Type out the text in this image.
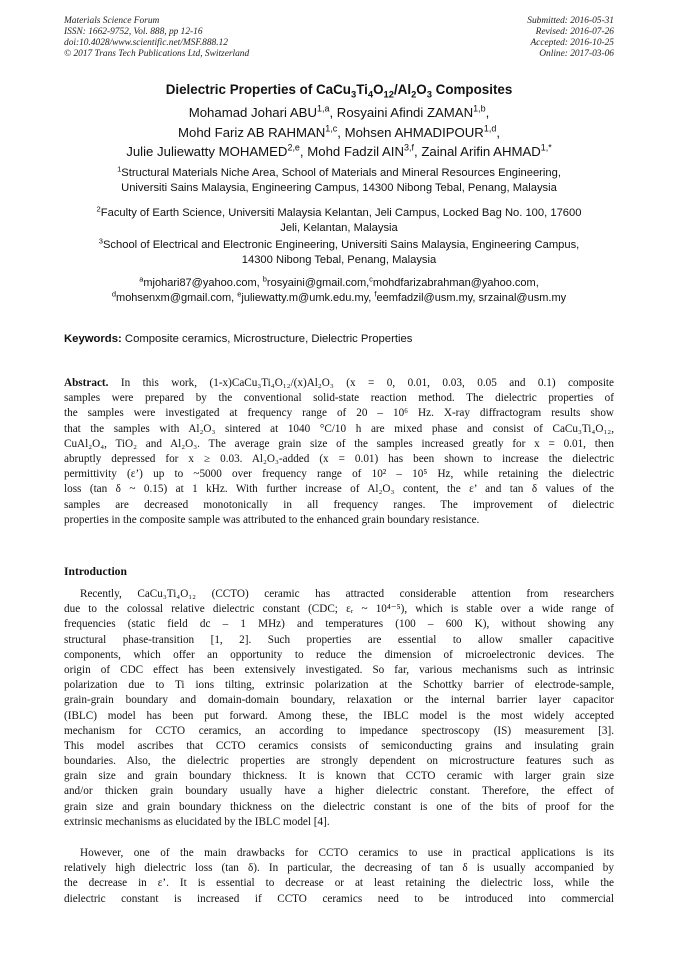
Materials Science Forum
ISSN: 1662-9752, Vol. 888, pp 12-16
doi:10.4028/www.scientific.net/MSF.888.12
© 2017 Trans Tech Publications Ltd, Switzerland
Submitted: 2016-05-31
Revised: 2016-07-26
Accepted: 2016-10-25
Online: 2017-03-06
Dielectric Properties of $CaCu_3Ti_4O_{12}/Al_2O_3$ Composites
Mohamad Johari ABU$^{1,a}$, Rosyaini Afindi ZAMAN$^{1,b}$,
Mohd Fariz AB RAHMAN$^{1,c}$, Mohsen AHMADIPOUR$^{1,d}$,
Julie Juliewatty MOHAMED$^{2,e}$, Mohd Fadzil AIN$^{3,f}$, Zainal Arifin $AHMAD^{1,*}$
$^1$Structural Materials Niche Area, School of Materials and Mineral Resources Engineering,
Universiti Sains Malaysia, Engineering Campus, 14300 Nibong Tebal, Penang, Malaysia
$^2$Faculty of Earth Science, Universiti Malaysia Kelantan, Jeli Campus, Locked Bag No. 100, 17600
Jeli, Kelantan, Malaysia
$^3$School of Electrical and Electronic Engineering, Universiti Sains Malaysia, Engineering Campus,
14300 Nibong Tebal, Penang, Malaysia
$^a$mjohari87@yahoo.com, $^b$rosyaini@gmail.com,$^c$mohdfarizabrahman@yahoo.com,
$^d$mohsenxm@gmail.com, $^e$juliewatty.m@umk.edu.my, $^f$eemfadzil@usm.my, srzainal@usm.my
Keywords: Composite ceramics, Microstructure, Dielectric Properties
Abstract. In this work, (1-x)CaCu₃Ti₄O₁₂/(x)Al₂O₃ (x = 0, 0.01, 0.03, 0.05 and 0.1) composite
samples were prepared by the conventional solid-state reaction method. The dielectric properties of
the samples were investigated at frequency range of 20 – 10⁶ Hz. X-ray diffractogram results show
that the samples with Al₂O₃ sintered at 1040 °C/10 h are mixed phase and consist of CaCu₃Ti₄O₁₂,
CuAl₂O₄, TiO₂ and Al₂O₃. The average grain size of the samples increased greatly for x = 0.01, then
abruptly depressed for x ≥ 0.03. Al₂O₃-added (x = 0.01) has been shown to increase the dielectric
permittivity (ε’) up to ~5000 over frequency range of 10² – 10⁵ Hz, while retaining the dielectric
loss (tan δ ~ 0.15) at 1 kHz. With further increase of Al₂O₃ content, the ε’ and tan δ values of the
samples are decreased monotonically in all frequency ranges. The improvement of dielectric
properties in the composite sample was attributed to the enhanced grain boundary resistance.
Introduction
Recently, CaCu₃Ti₄O₁₂ (CCTO) ceramic has attracted considerable attention from researchers
due to the colossal relative dielectric constant (CDC; εᵣ ~ 10⁴⁻⁵), which is stable over a wide range of
frequencies (static field dc – 1 MHz) and temperatures (100 – 600 K), without showing any
structural phase-transition [1, 2]. Such properties are essential to allow smaller capacitive
components, which offer an opportunity to reduce the dimension of microelectronic devices. The
origin of CDC effect has been extensively investigated. So far, various mechanisms such as intrinsic
polarization due to Ti ions tilting, extrinsic polarization at the Schottky barrier of electrode-sample,
grain-grain boundary and domain-domain boundary, relaxation or the internal barrier layer capacitor
(IBLC) model has been put forward. Among these, the IBLC model is the most widely accepted
mechanism for CCTO ceramics, an according to impedance spectroscopy (IS) measurement [3].
This model ascribes that CCTO ceramics consists of semiconducting grains and insulating grain
boundaries. Also, the dielectric properties are strongly dependent on microstructure features such as
grain size and grain boundary thickness. It is known that CCTO ceramic with larger grain size
and/or thicken grain boundary usually have a higher dielectric constant. Therefore, the effect of
grain size and grain boundary thickness on the dielectric constant is one of the bits of proof for the
extrinsic mechanisms as elucidated by the IBLC model [4].
However, one of the main drawbacks for CCTO ceramics to use in practical applications is its
relatively high dielectric loss (tan δ). In particular, the decreasing of tan δ is usually accompanied by
the decrease in ε’. It is essential to decrease or at least retaining the dielectric loss, while the
dielectric constant is increased if CCTO ceramics need to be introduced into commercial
